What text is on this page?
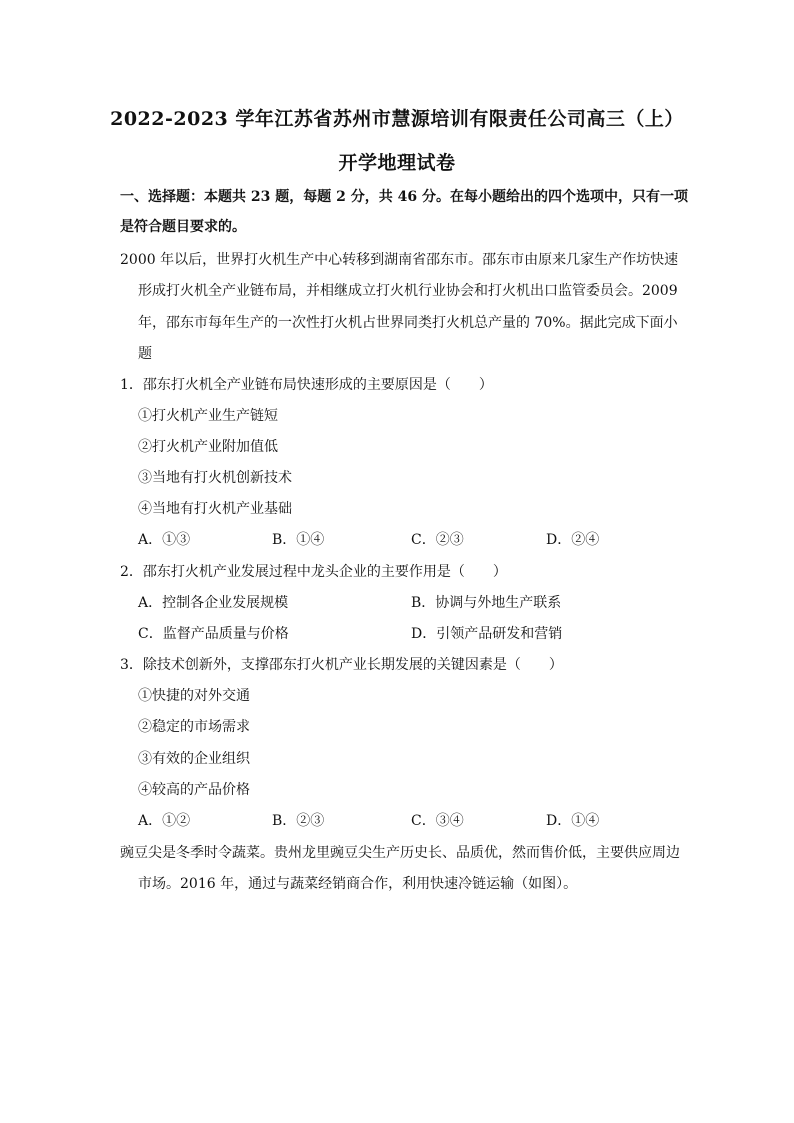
2022-2023 学年江苏省苏州市慧源培训有限责任公司高三（上）
开学地理试卷
一、选择题：本题共 23 题，每题 2 分，共 46 分。在每小题给出的四个选项中，只有一项
是符合题目要求的。
2000 年以后，世界打火机生产中心转移到湖南省邵东市。邵东市由原来几家生产作坊快速
形成打火机全产业链布局，并相继成立打火机行业协会和打火机出口监管委员会。2009
年，邵东市每年生产的一次性打火机占世界同类打火机总产量的 70%。据此完成下面小
题
1．邵东打火机全产业链布局快速形成的主要原因是（　　）
①打火机产业生产链短
②打火机产业附加值低
③当地有打火机创新技术
④当地有打火机产业基础
A．①③	B．①④	C．②③	D．②④
2．邵东打火机产业发展过程中龙头企业的主要作用是（　　）
A．控制各企业发展规模	B．协调与外地生产联系
C．监督产品质量与价格	D．引领产品研发和营销
3．除技术创新外，支撑邵东打火机产业长期发展的关键因素是（　　）
①快捷的对外交通
②稳定的市场需求
③有效的企业组织
④较高的产品价格
A．①②	B．②③	C．③④	D．①④
豌豆尖是冬季时令蔬菜。贵州龙里豌豆尖生产历史长、品质优，然而售价低，主要供应周边
市场。2016 年，通过与蔬菜经销商合作，利用快速冷链运输（如图）。
